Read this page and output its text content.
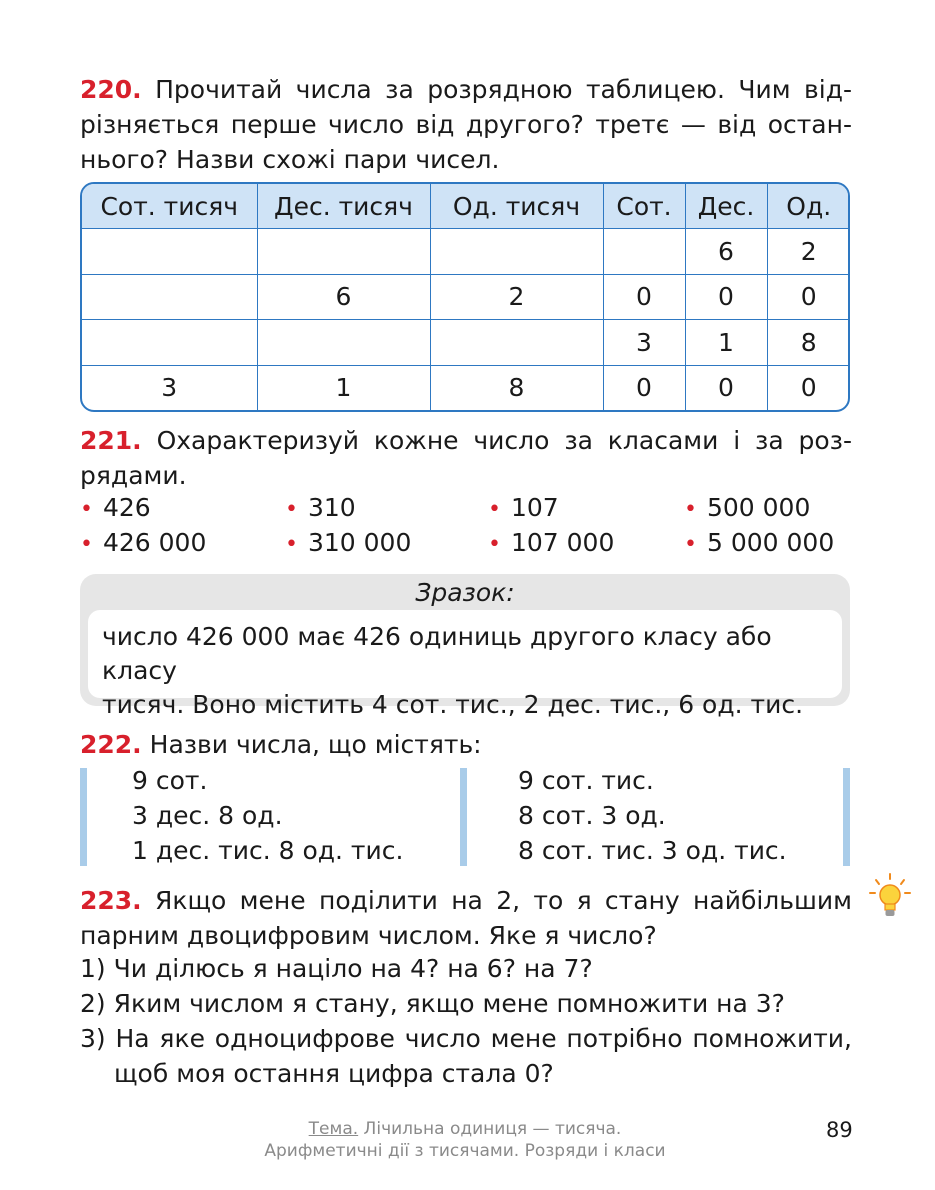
220. Прочитай числа за розрядною таблицею. Чим від-
різняється перше число від другого? третє — від остан-
нього? Назви схожі пари чисел.
Сот. тисяч	Дес. тисяч	Од. тисяч	Сот.	Дес.	Од.
				6	2
	6	2	0	0	0
			3	1	8
3	1	8	0	0	0
221. Охарактеризуй кожне число за класами і за роз-
рядами.
• 426	• 310	• 107	• 500 000
• 426 000	• 310 000	• 107 000	• 5 000 000
Зразок:
число 426 000 має 426 одиниць другого класу або класу
тисяч. Воно містить 4 сот. тис., 2 дес. тис., 6 од. тис.
222. Назви числа, що містять:
9 сот.
3 дес. 8 од.
1 дес. тис. 8 од. тис.
9 сот. тис.
8 сот. 3 од.
8 сот. тис. 3 од. тис.
223. Якщо мене поділити на 2, то я стану найбільшим
парним двоцифровим числом. Яке я число?
1) Чи ділюсь я націло на 4? на 6? на 7?
2) Яким числом я стану, якщо мене помножити на 3?
3) На яке одноцифрове число мене потрібно помножити,
щоб моя остання цифра стала 0?
Тема. Лічильна одиниця — тисяча.
Арифметичні дії з тисячами. Розряди і класи
89
